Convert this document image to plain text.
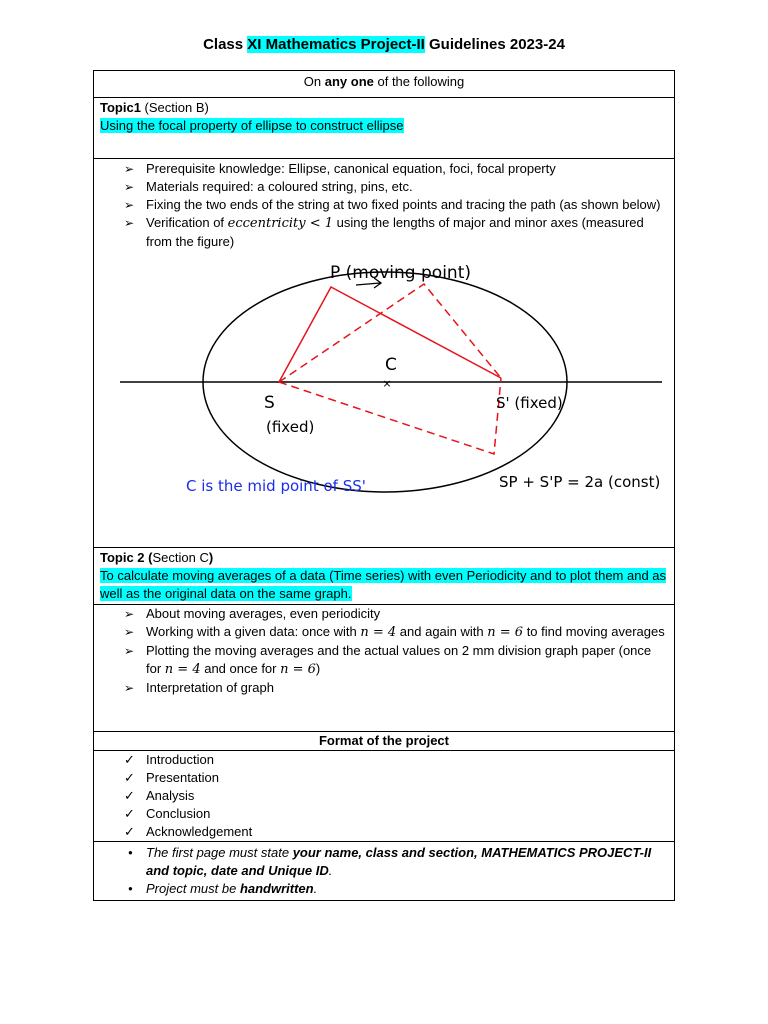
Class XI Mathematics Project-II Guidelines 2023-24
On any one of the following

Topic1 (Section B)
Using the focal property of ellipse to construct ellipse

➢ Prerequisite knowledge: Ellipse, canonical equation, foci, focal property
➢ Materials required: a coloured string, pins, etc.
➢ Fixing the two ends of the string at two fixed points and tracing the path (as shown below)
➢ Verification of eccentricity < 1 using the lengths of major and minor axes (measured from the figure)
×
P (moving point)
C
S
(fixed)
S' (fixed)
C is the mid point of SS'	SP + S'P = 2a (const)

Topic 2 (Section C)
To calculate moving averages of a data (Time series) with even Periodicity and to plot them and as well as the original data on the same graph.

➢ About moving averages, even periodicity
➢ Working with a given data: once with n = 4 and again with n = 6 to find moving averages
➢ Plotting the moving averages and the actual values on 2 mm division graph paper (once for n = 4 and once for n = 6)
➢ Interpretation of graph

Format of the project

✓ Introduction
✓ Presentation
✓ Analysis
✓ Conclusion
✓ Acknowledgement

● The first page must state your name, class and section, MATHEMATICS PROJECT-II and topic, date and Unique ID.
● Project must be handwritten.
